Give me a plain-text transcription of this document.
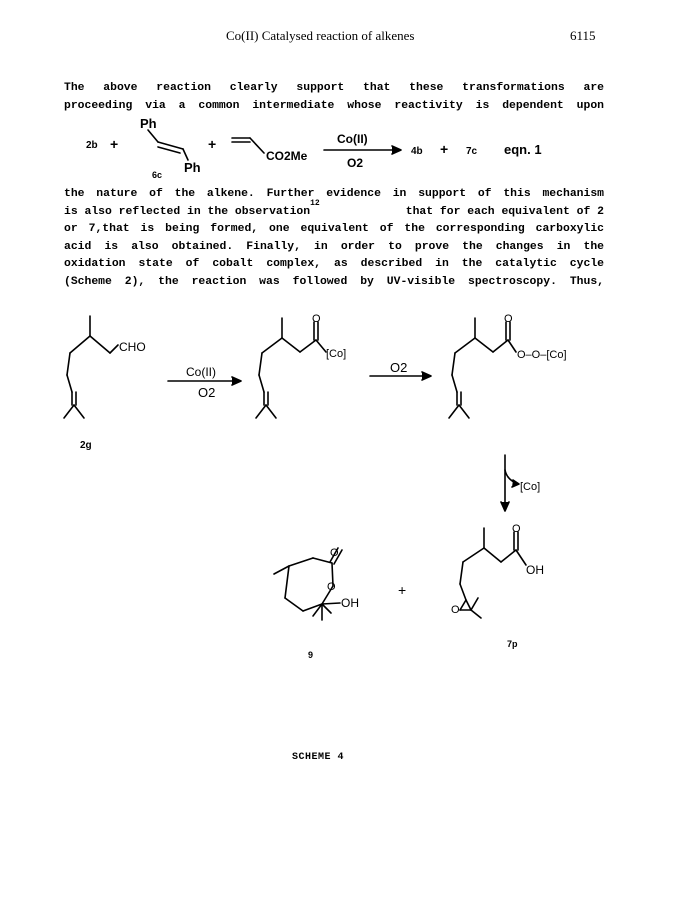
Co(II) Catalysed reaction of alkenes	6115
The above reaction clearly support that these transformations are
proceeding via a common intermediate whose reactivity is dependent upon
2b +
Ph
Ph
6c
+
CO2Me
Co(II)
O2
4b + 7c eqn. 1
CHO
2g
Co(II)
O2
O
[Co]
O2
O
O–O–[Co]
[Co]
O
O
OH
+
O
OH
O
9
7p
the nature of the alkene. Further evidence in support of this mechanism
is also reflected in the observation
12
that for each equivalent of 2
or 7,that is being formed, one equivalent of the corresponding carboxylic
acid is also obtained. Finally, in order to prove the changes in the
oxidation state of cobalt complex, as described in the catalytic cycle
(Scheme 2), the reaction was followed by UV-visible spectroscopy. Thus,
SCHEME 4
